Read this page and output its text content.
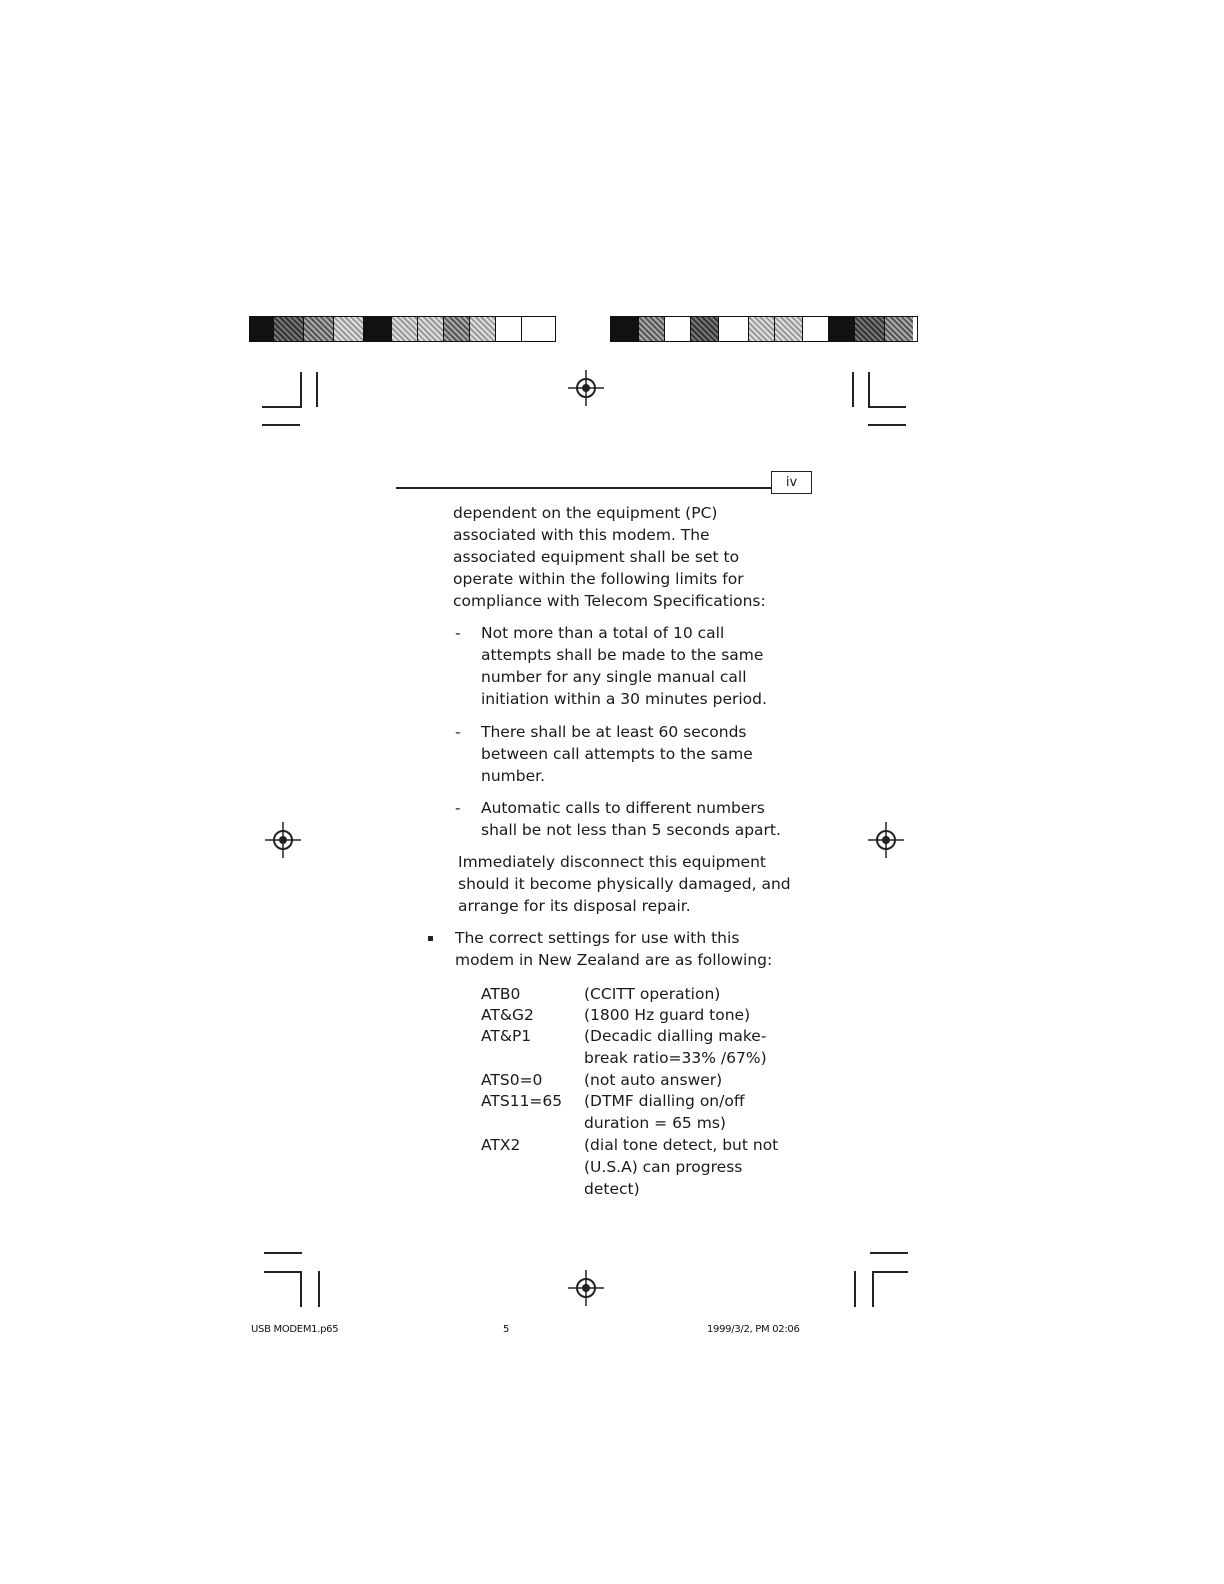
iv
dependent on the equipment (PC)
associated with this modem. The
associated equipment shall be set to
operate within the following limits for
compliance with Telecom Specifications:
- Not more than a total of 10 call
attempts shall be made to the same
number for any single manual call
initiation within a 30 minutes period.
- There shall be at least 60 seconds
between call attempts to the same
number.
- Automatic calls to different numbers
shall be not less than 5 seconds apart.
Immediately disconnect this equipment
should it become physically damaged, and
arrange for its disposal repair.
The correct settings for use with this
modem in New Zealand are as following:
ATB0	(CCITT operation)
AT&G2	(1800 Hz guard tone)
AT&P1	(Decadic dialling make-
break ratio=33% /67%)
ATS0=0	(not auto answer)
ATS11=65 (DTMF dialling on/off
duration = 65 ms)
ATX2	(dial tone detect, but not
(U.S.A) can progress
detect)
USB MODEM1.p65	5	1999/3/2, PM 02:06
